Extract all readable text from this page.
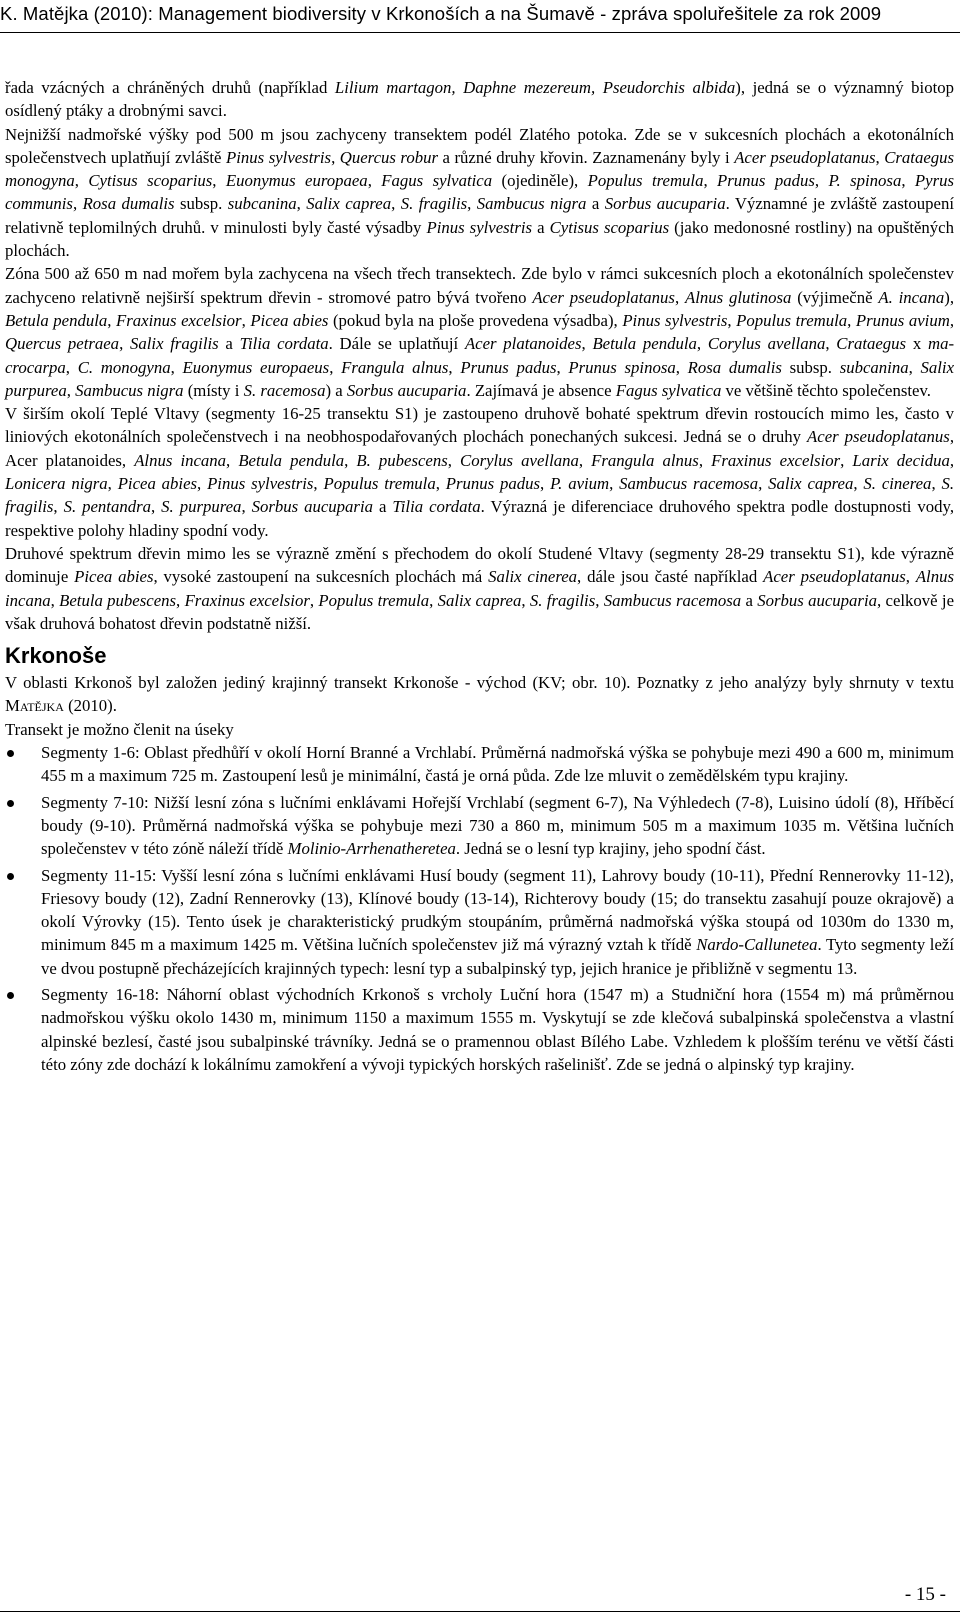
K. Matějka (2010): Management biodiversity v Krkonoších a na Šumavě - zpráva spoluřešitele za rok 2009

řada vzácných a chráněných druhů (například Lilium martagon, Daphne mezereum, Pseudorchis albida), jedná se o významný biotop osídlený ptáky a drobnými savci.

Nejnižší nadmořské výšky pod 500 m jsou zachyceny transektem podél Zlatého potoka. Zde se v sukcesních plochách a ekotonálních společenstvech uplatňují zvláště Pinus sylvestris, Quercus robur a různé druhy křovin. Zaznamenány byly i Acer pseudoplatanus, Crataegus monogyna, Cytisus scoparius, Euonymus europaea, Fagus sylvatica (ojediněle), Populus tremula, Prunus padus, P. spinosa, Pyrus communis, Rosa dumalis subsp. subcanina, Salix caprea, S. fragilis, Sambucus nigra a Sorbus aucuparia. Významné je zvláště zastoupení relativně teplomilných druhů. v minulosti byly časté výsadby Pinus sylvestris a Cytisus scoparius (jako medonosné rostliny) na opuštěných plochách.

Zóna 500 až 650 m nad mořem byla zachycena na všech třech transektech. Zde bylo v rámci sukcesních ploch a ekotonálních společenstev zachyceno relativně nejširší spektrum dřevin - stromové patro bývá tvořeno Acer pseudoplatanus, Alnus glutinosa (výjimečně A. incana), Betula pendula, Fraxinus excelsior, Picea abies (pokud byla na ploše provedena výsadba), Pinus sylvestris, Populus tremula, Prunus avium, Quercus petraea, Salix fragilis a Tilia cordata. Dále se uplatňují Acer platanoides, Betula pendula, Corylus avellana, Crataegus x macrocarpa, C. monogyna, Euonymus europaeus, Frangula alnus, Prunus padus, Prunus spinosa, Rosa dumalis subsp. subcanina, Salix purpurea, Sambucus nigra (místy i S. racemosa) a Sorbus aucuparia. Zajímavá je absence Fagus sylvatica ve většině těchto společenstev.

V širším okolí Teplé Vltavy (segmenty 16-25 transektu S1) je zastoupeno druhově bohaté spektrum dřevin rostoucích mimo les, často v liniových ekotonálních společenstvech i na neobhospodařovaných plochách ponechaných sukcesi. Jedná se o druhy Acer pseudoplatanus, Acer platanoides, Alnus incana, Betula pendula, B. pubescens, Corylus avellana, Frangula alnus, Fraxinus excelsior, Larix decidua, Lonicera nigra, Picea abies, Pinus sylvestris, Populus tremula, Prunus padus, P. avium, Sambucus racemosa, Salix caprea, S. cinerea, S. fragilis, S. pentandra, S. purpurea, Sorbus aucuparia a Tilia cordata. Výrazná je diferenciace druhového spektra podle dostupnosti vody, respektive polohy hladiny spodní vody.

Druhové spektrum dřevin mimo les se výrazně změní s přechodem do okolí Studené Vltavy (segmenty 28-29 transektu S1), kde výrazně dominuje Picea abies, vysoké zastoupení na sukcesních plochách má Salix cinerea, dále jsou časté například Acer pseudoplatanus, Alnus incana, Betula pubescens, Fraxinus excelsior, Populus tremula, Salix caprea, S. fragilis, Sambucus racemosa a Sorbus aucuparia, celkově je však druhová bohatost dřevin podstatně nižší.

Krkonoše

V oblasti Krkonoš byl založen jediný krajinný transekt Krkonoše - východ (KV; obr. 10). Poznatky z jeho analýzy byly shrnuty v textu Matějka (2010).

Transekt je možno členit na úseky

Segmenty 1-6: Oblast předhůří v okolí Horní Branné a Vrchlabí. Průměrná nadmořská výška se pohybuje mezi 490 a 600 m, minimum 455 m a maximum 725 m. Zastoupení lesů je minimální, častá je orná půda. Zde lze mluvit o zemědělském typu krajiny.
Segmenty 7-10: Nižší lesní zóna s lučními enklávami Hořejší Vrchlabí (segment 6-7), Na Výhledech (7-8), Luisino údolí (8), Hříběcí boudy (9-10). Průměrná nadmořská výška se pohybuje mezi 730 a 860 m, minimum 505 m a maximum 1035 m. Většina lučních společenstev v této zóně náleží třídě Molinio-Arrhenatheretea. Jedná se o lesní typ krajiny, jeho spodní část.
Segmenty 11-15: Vyšší lesní zóna s lučními enklávami Husí boudy (segment 11), Lahrovy boudy (10-11), Přední Rennerovky 11-12), Friesovy boudy (12), Zadní Rennerovky (13), Klínové boudy (13-14), Richterovy boudy (15; do transektu zasahují pouze okrajově) a okolí Výrovky (15). Tento úsek je charakteristický prudkým stoupáním, průměrná nadmořská výška stoupá od 1030m do 1330 m, minimum 845 m a maximum 1425 m. Většina lučních společenstev již má výrazný vztah k třídě Nardo-Callunetea. Tyto segmenty leží ve dvou postupně přecházejících krajinných typech: lesní typ a subalpinský typ, jejich hranice je přibližně v segmentu 13.
Segmenty 16-18: Náhorní oblast východních Krkonoš s vrcholy Luční hora (1547 m) a Studniční hora (1554 m) má průměrnou nadmořskou výšku okolo 1430 m, minimum 1150 a maximum 1555 m. Vyskytují se zde klečová subalpinská společenstva a vlastní alpinské bezlesí, časté jsou subalpinské trávníky. Jedná se o pramennou oblast Bílého Labe. Vzhledem k plošším terénu ve větší části této zóny zde dochází k lokálnímu zamokření a vývoji typických horských rašelinišť. Zde se jedná o alpinský typ krajiny.
- 15 -
